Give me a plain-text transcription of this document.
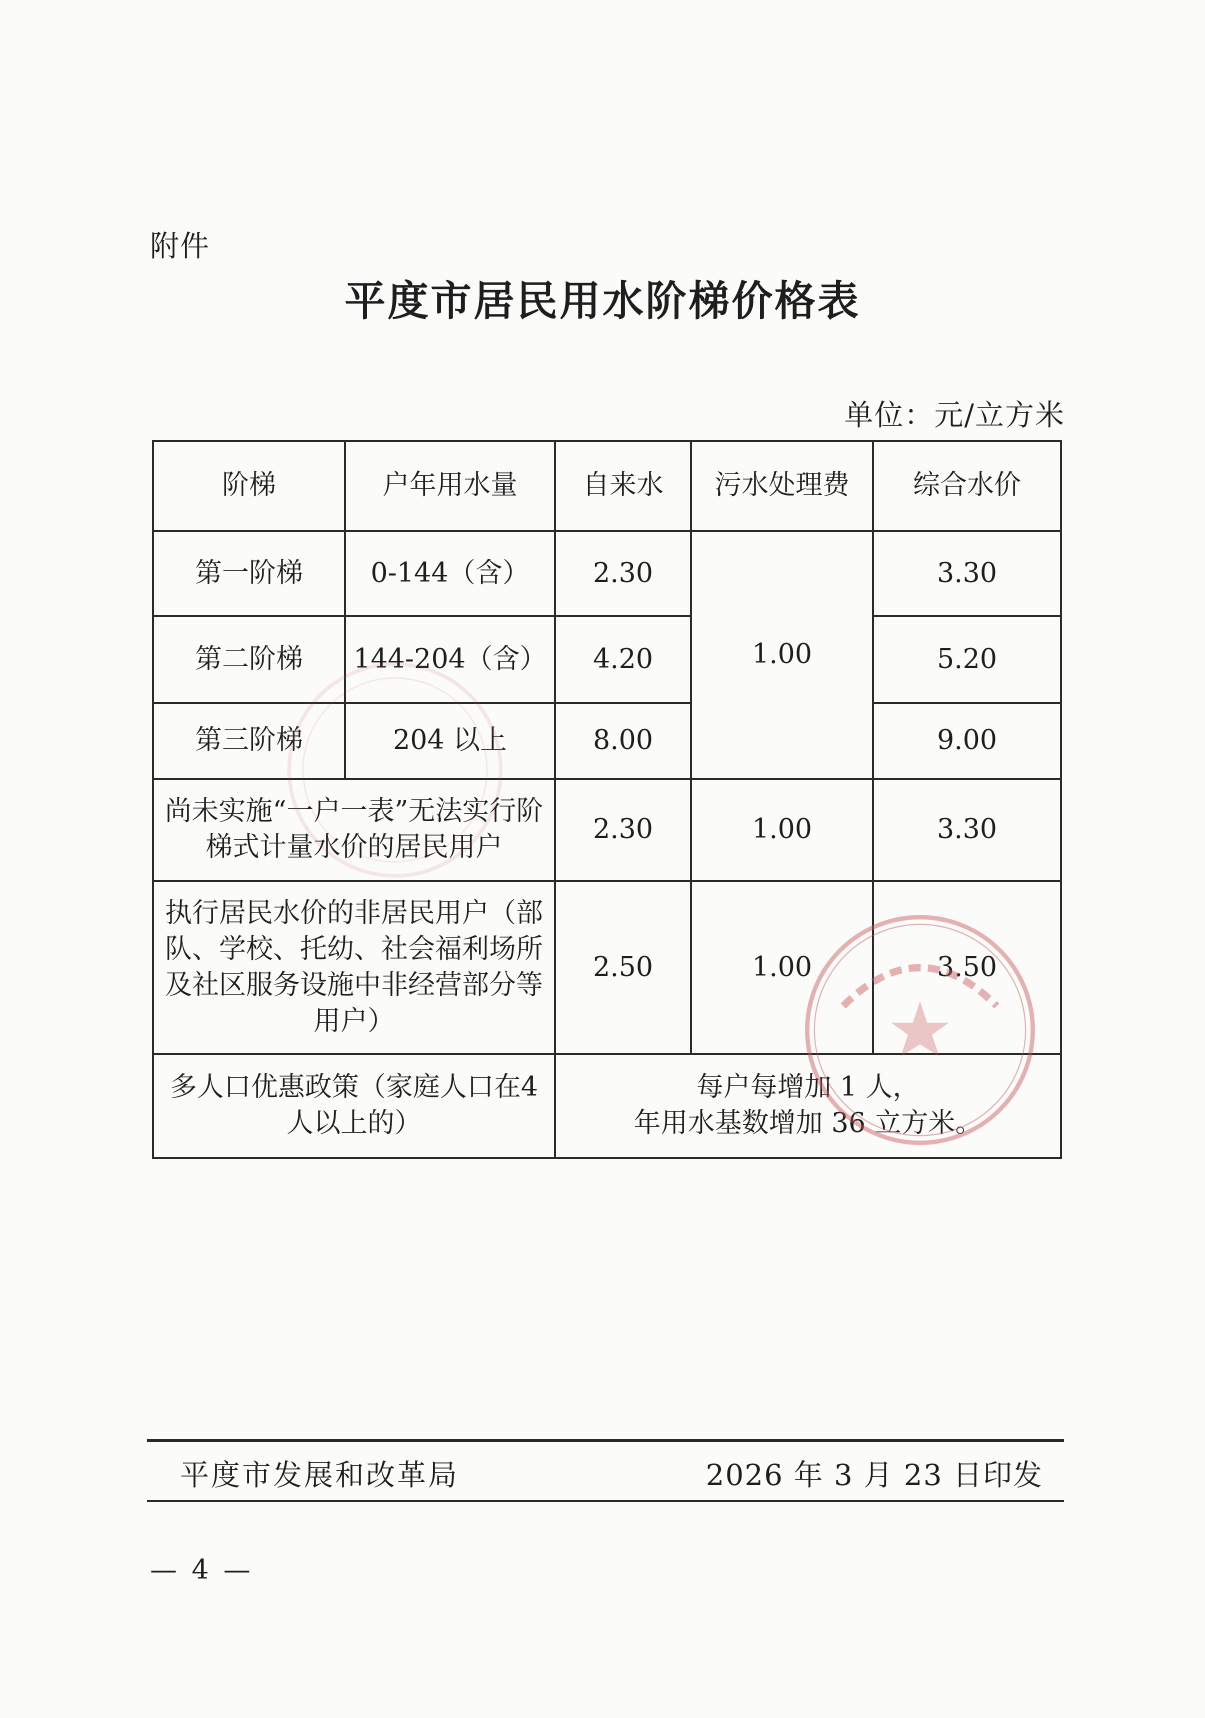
附件
平度市居民用水阶梯价格表
单位：元/立方米
阶梯	户年用水量	自来水	污水处理费	综合水价
第一阶梯	0-144（含）	2.30	1.00	3.30
第二阶梯	144-204（含）	4.20		5.20
第三阶梯	204 以上	8.00		9.00
尚未实施“一户一表”无法实行阶梯式计量水价的居民用户		2.30	1.00	3.30
执行居民水价的非居民用户（部队、学校、托幼、社会福利场所及社区服务设施中非经营部分等用户）		2.50	1.00	3.50
多人口优惠政策（家庭人口在4 人以上的）		每户每增加 1 人，
年用水基数增加 36 立方米。		
平度市发展和改革局	2026 年 3 月 23 日印发
— 4 —
